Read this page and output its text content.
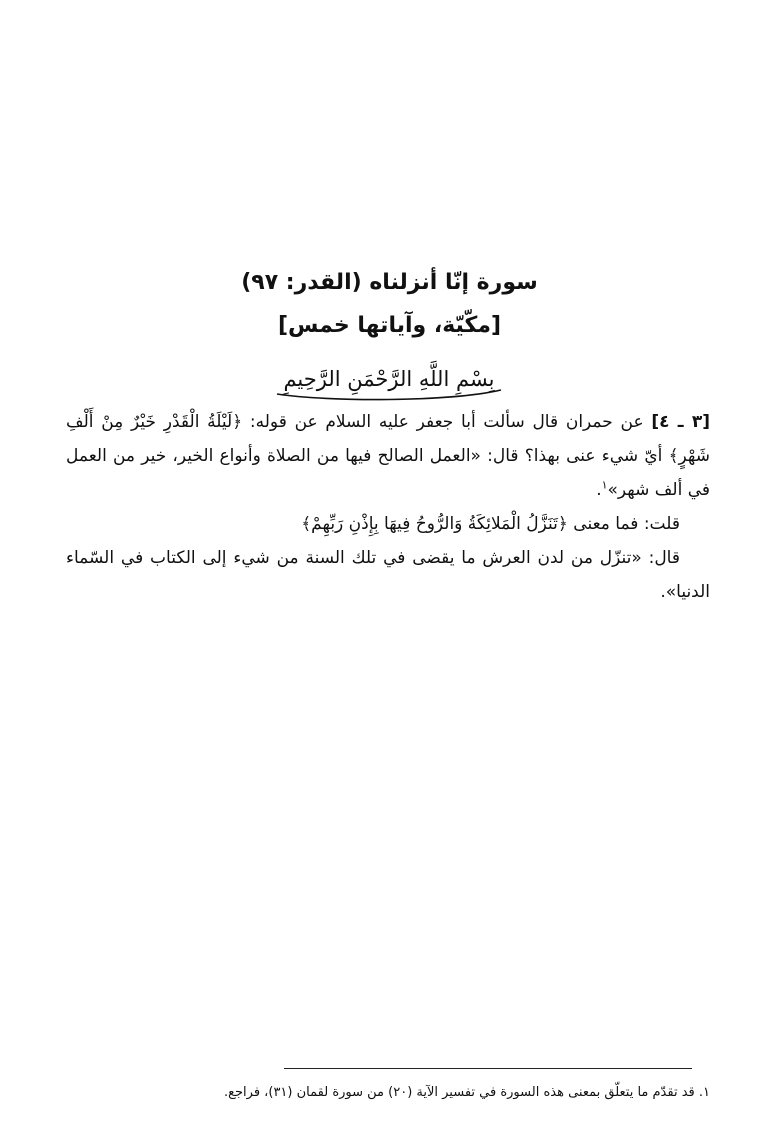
سورة إنّا أنزلناه (القدر: ٩٧)
[مكّيّة، وآياتها خمس]
بِسْمِ اللَّهِ الرَّحْمَنِ الرَّحِيمِ

[٣ ـ ٤] عن حمران قال سألت أبا جعفر عليه السلام عن قوله: ﴿لَيْلَةُ الْقَدْرِ خَيْرٌ مِنْ أَلْفِ شَهْرٍ﴾ أيّ شيء عنى بهذا؟ قال: «العمل الصالح فيها من الصلاة وأنواع الخير، خير من العمل في ألف شهر»$^١$.

قلت: فما معنى ﴿تَنَزَّلُ الْمَلائِكَةُ وَالرُّوحُ فِيهَا بِإِذْنِ رَبِّهِمْ﴾

قال: «تنزّل من لدن العرش ما يقضى في تلك السنة من شيء إلى الكتاب في السّماء الدنيا».

١. قد تقدّم ما يتعلّق بمعنى هذه السورة في تفسير الآية (٢٠) من سورة لقمان (٣١)، فراجع.
